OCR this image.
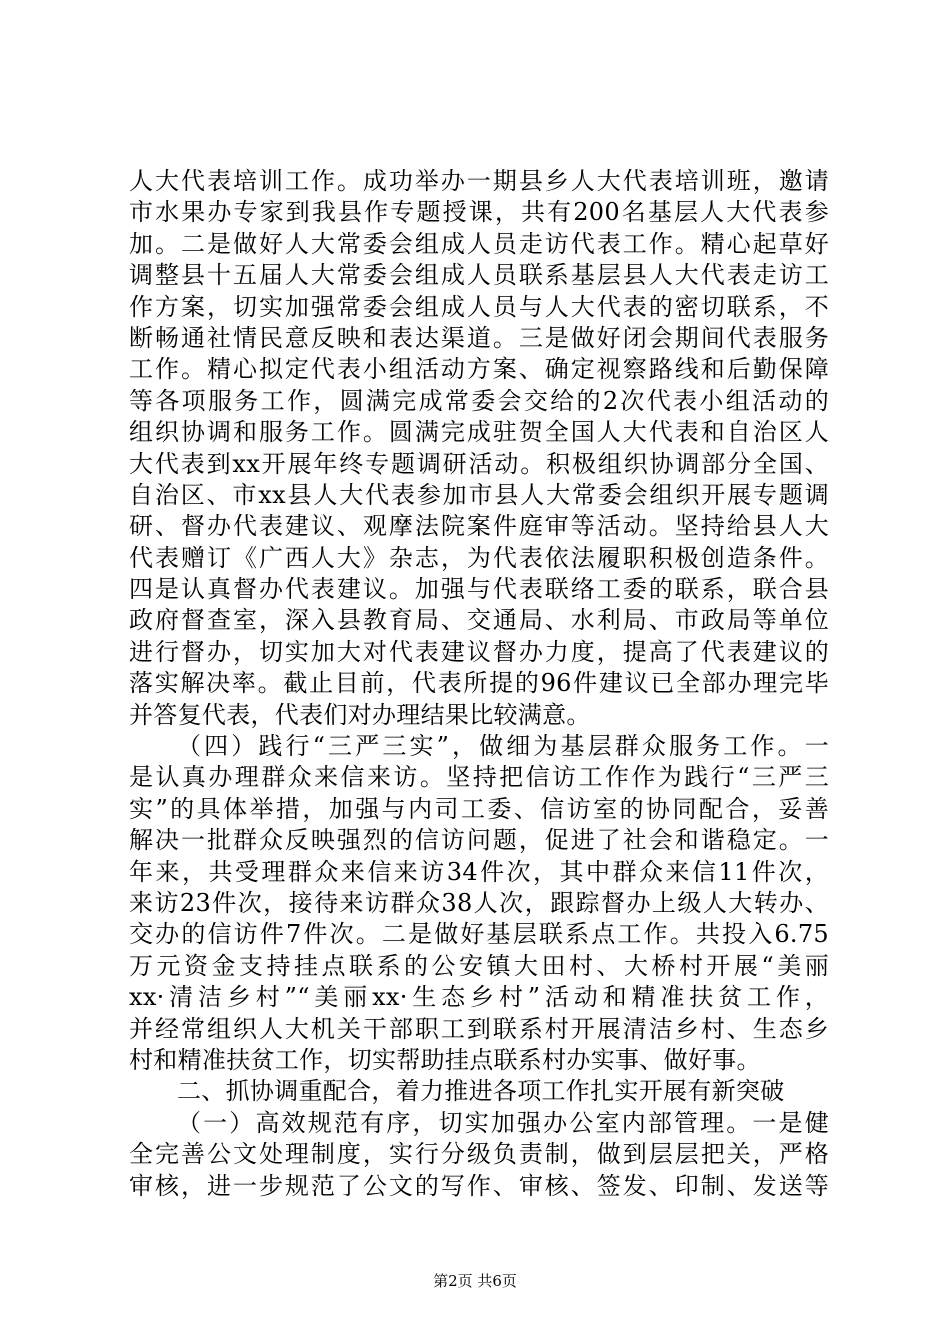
人大代表培训工作。成功举办一期县乡人大代表培训班，邀请
市水果办专家到我县作专题授课，共有200名基层人大代表参
加。二是做好人大常委会组成人员走访代表工作。精心起草好
调整县十五届人大常委会组成人员联系基层县人大代表走访工
作方案，切实加强常委会组成人员与人大代表的密切联系，不
断畅通社情民意反映和表达渠道。三是做好闭会期间代表服务
工作。精心拟定代表小组活动方案、确定视察路线和后勤保障
等各项服务工作，圆满完成常委会交给的2次代表小组活动的
组织协调和服务工作。圆满完成驻贺全国人大代表和自治区人
大代表到xx开展年终专题调研活动。积极组织协调部分全国、
自治区、市xx县人大代表参加市县人大常委会组织开展专题调
研、督办代表建议、观摩法院案件庭审等活动。坚持给县人大
代表赠订《广西人大》杂志，为代表依法履职积极创造条件。
四是认真督办代表建议。加强与代表联络工委的联系，联合县
政府督查室，深入县教育局、交通局、水利局、市政局等单位
进行督办，切实加大对代表建议督办力度，提高了代表建议的
落实解决率。截止目前，代表所提的96件建议已全部办理完毕
并答复代表，代表们对办理结果比较满意。
（四）践行“三严三实”，做细为基层群众服务工作。一
是认真办理群众来信来访。坚持把信访工作作为践行“三严三
实”的具体举措，加强与内司工委、信访室的协同配合，妥善
解决一批群众反映强烈的信访问题，促进了社会和谐稳定。一
年来，共受理群众来信来访34件次，其中群众来信11件次，
来访23件次，接待来访群众38人次，跟踪督办上级人大转办、
交办的信访件7件次。二是做好基层联系点工作。共投入6.75
万元资金支持挂点联系的公安镇大田村、大桥村开展“美丽
xx·清洁乡村”“美丽xx·生态乡村”活动和精准扶贫工作，
并经常组织人大机关干部职工到联系村开展清洁乡村、生态乡
村和精准扶贫工作，切实帮助挂点联系村办实事、做好事。
二、抓协调重配合，着力推进各项工作扎实开展有新突破
（一）高效规范有序，切实加强办公室内部管理。一是健
全完善公文处理制度，实行分级负责制，做到层层把关，严格
审核，进一步规范了公文的写作、审核、签发、印制、发送等
第2页 共6页
